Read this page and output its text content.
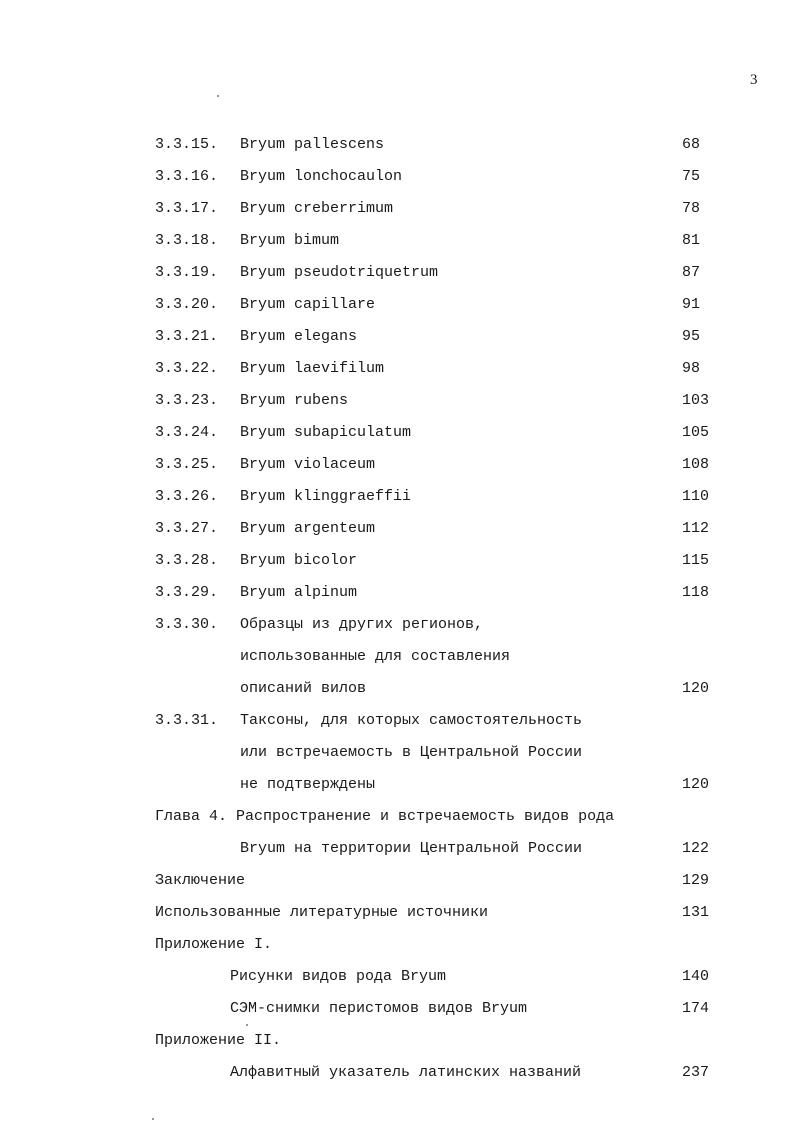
3
3.3.15. Bryum pallescens	68
3.3.16. Bryum lonchocaulon	75
3.3.17. Bryum creberrimum	78
3.3.18. Bryum bimum	81
3.3.19. Bryum pseudotriquetrum	87
3.3.20. Bryum capillare	91
3.3.21. Bryum elegans	95
3.3.22. Bryum laevifilum	98
3.3.23. Bryum rubens	103
3.3.24. Bryum subapiculatum	105
3.3.25. Bryum violaceum	108
3.3.26. Bryum klinggraeffii	110
3.3.27. Bryum argenteum	112
3.3.28. Bryum bicolor	115
3.3.29. Bryum alpinum	118
3.3.30. Образцы из других регионов,
использованные для составления
описаний вилов	120
3.3.31. Таксоны, для которых самостоятельность
или встречаемость в Центральной России
не подтверждены	120
Глава 4. Распространение и встречаемость видов рода
Bryum на территории Центральной России	122
Заключение	129
Использованные литературные источники	131
Приложение I.
Рисунки видов рода Bryum	140
СЭМ-снимки перистомов видов Bryum	174
Приложение II.
Алфавитный указатель латинских названий	237
